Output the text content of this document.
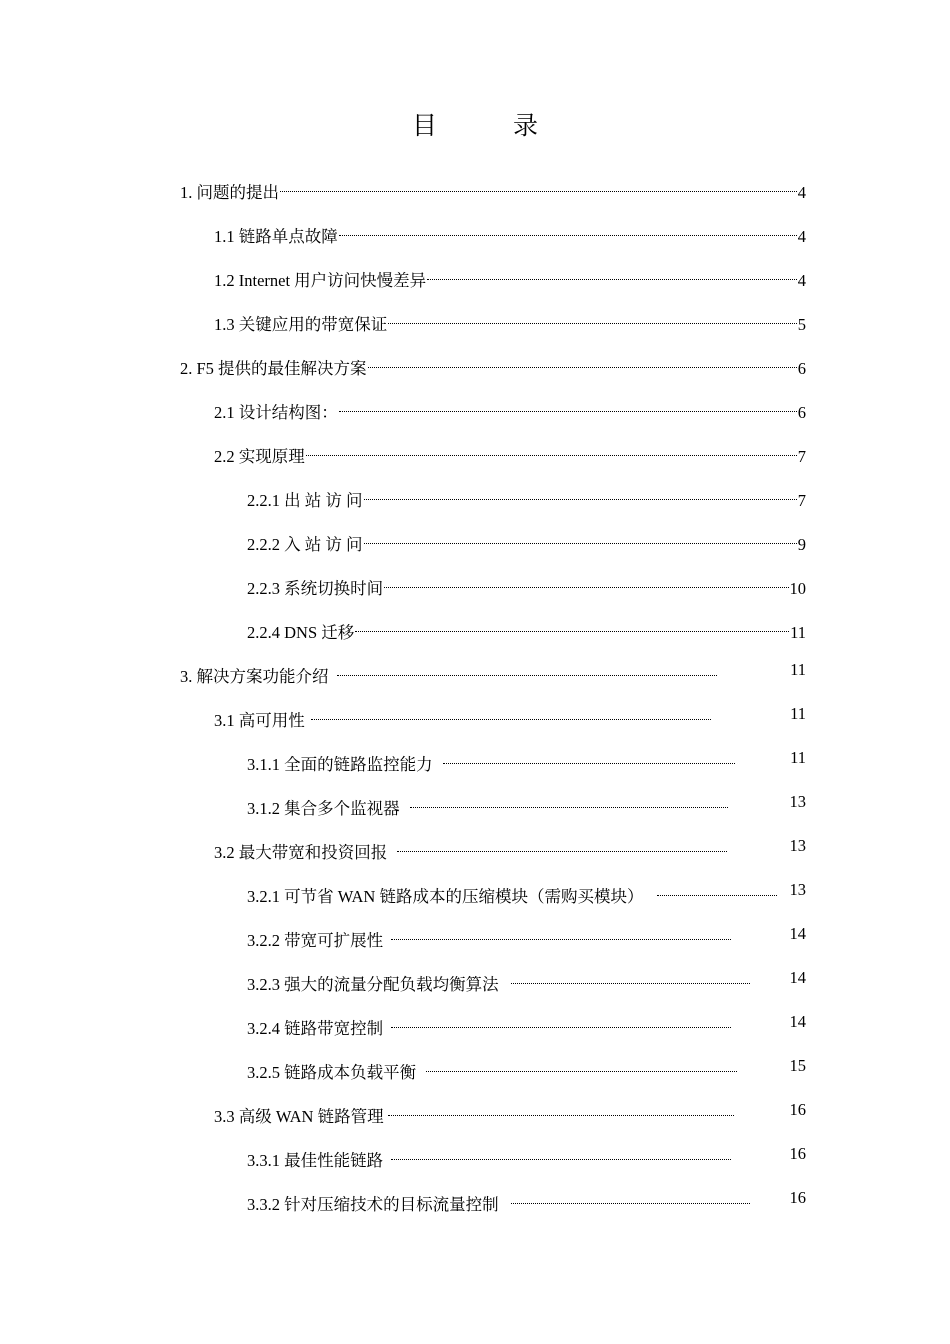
目	录
1. 问题的提出	4
1.1 链路单点故障	4
1.2 Internet 用户访问快慢差异	4
1.3 关键应用的带宽保证	5
2. F5 提供的最佳解决方案	6
2.1 设计结构图：	6
2.2 实现原理	7
2.2.1 出 站 访 问	7
2.2.2 入 站 访 问	9
2.2.3 系统切换时间	10
2.2.4 DNS 迁移	11
3. 解决方案功能介绍	11
3.1 高可用性	11
3.1.1 全面的链路监控能力	11
3.1.2 集合多个监视器	13
3.2 最大带宽和投资回报	13
3.2.1 可节省 WAN 链路成本的压缩模块（需购买模块）	13
3.2.2 带宽可扩展性	14
3.2.3 强大的流量分配负载均衡算法	14
3.2.4 链路带宽控制	14
3.2.5 链路成本负载平衡	15
3.3 高级 WAN 链路管理	16
3.3.1 最佳性能链路	16
3.3.2 针对压缩技术的目标流量控制	16
